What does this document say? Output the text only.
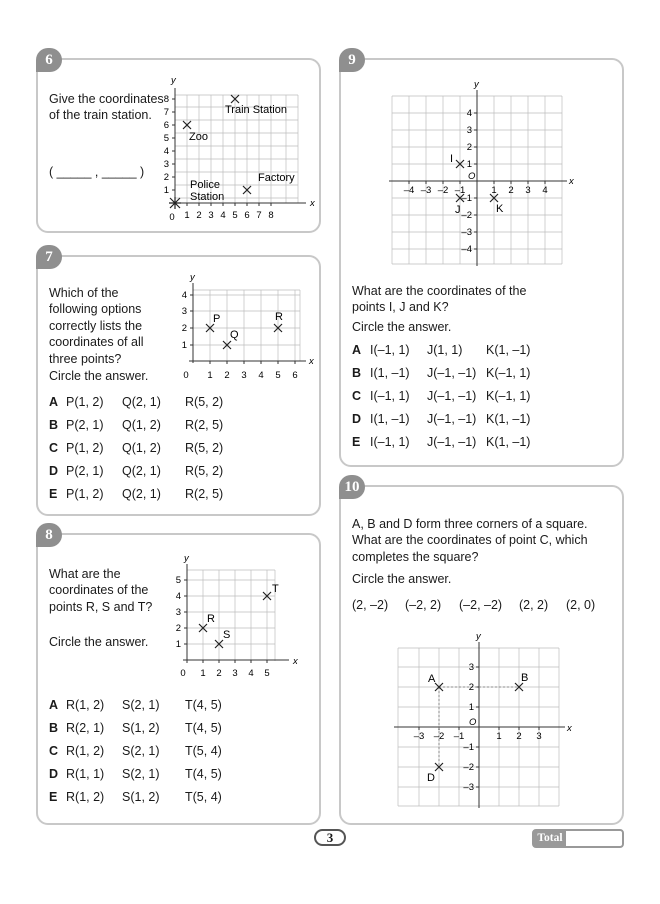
6

Give the coordinates of the train station.

( _____ , _____ )
y
x
0
1
2
3
4
5
6
7
8
1 2 3 4 5 6 7 8
Train Station
Zoo
Factory
Police
Station
7

Which of the following options correctly lists the coordinates of all three points?

Circle the answer.

y
x
0
1
2
3
4
1 2 3 4 5 6
P
Q
R
A P(1, 2) Q(2, 1) R(5, 2)
B P(2, 1) Q(1, 2) R(2, 5)
C P(1, 2) Q(1, 2) R(5, 2)
D P(2, 1) Q(2, 1) R(5, 2)
E P(1, 2) Q(2, 1) R(2, 5)
8

What are the coordinates of the points R, S and T?

Circle the answer.

y
x
0
1
2
3
4
5
1 2 3 4 5
R
S
T
A R(1, 2) S(2, 1) T(4, 5)
B R(2, 1) S(1, 2) T(4, 5)
C R(1, 2) S(2, 1) T(5, 4)
D R(1, 1) S(2, 1) T(4, 5)
E R(1, 2) S(1, 2) T(5, 4)
9
y
x
O
4
3
2
1
–1
–2
–3
–4
–4 –3 –2 –1	1 2 3 4
I
J	K

What are the coordinates of the points I, J and K?

Circle the answer.

A I(–1, 1) J(1, 1) K(1, –1)
B I(1, –1) J(–1, –1) K(–1, 1)
C I(–1, 1) J(–1, –1) K(–1, 1)
D I(1, –1) J(–1, –1) K(1, –1)
E I(–1, 1) J(–1, –1) K(1, –1)
10

A, B and D form three corners of a square. What are the coordinates of point C, which completes the square?

Circle the answer.

(2, –2) (–2, 2) (–2, –2) (2, 2) (2, 0)
y
x
O
3
2
1
–1
–2
–3
–3 –2 –1	1 2 3
A	B
D
3	Total
